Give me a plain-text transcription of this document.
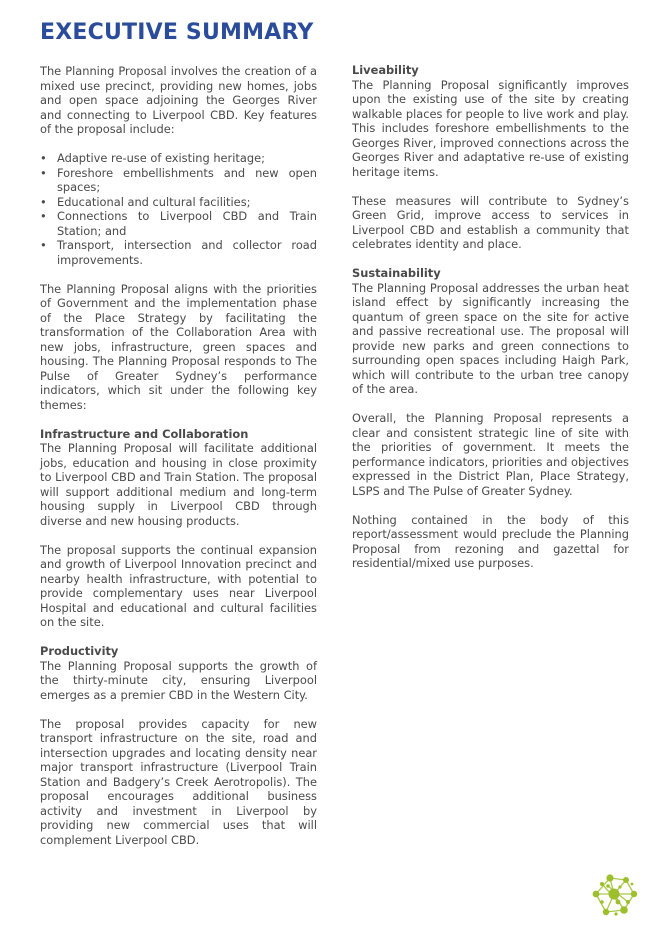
EXECUTIVE SUMMARY

The Planning Proposal involves the creation of a mixed use precinct, providing new homes, jobs and open space adjoining the Georges River and connecting to Liverpool CBD. Key features of the proposal include:

• Adaptive re-use of existing heritage;
• Foreshore embellishments and new open spaces;
• Educational and cultural facilities;
• Connections to Liverpool CBD and Train Station; and
• Transport, intersection and collector road improvements.

The Planning Proposal aligns with the priorities of Government and the implementation phase of the Place Strategy by facilitating the transformation of the Collaboration Area with new jobs, infrastructure, green spaces and housing. The Planning Proposal responds to The Pulse of Greater Sydney’s performance indicators, which sit under the following key themes:

Infrastructure and Collaboration

The Planning Proposal will facilitate additional jobs, education and housing in close proximity to Liverpool CBD and Train Station. The proposal will support additional medium and long-term housing supply in Liverpool CBD through diverse and new housing products.

The proposal supports the continual expansion and growth of Liverpool Innovation precinct and nearby health infrastructure, with potential to provide complementary uses near Liverpool Hospital and educational and cultural facilities on the site.

Productivity

The Planning Proposal supports the growth of the thirty-minute city, ensuring Liverpool emerges as a premier CBD in the Western City.

The proposal provides capacity for new transport infrastructure on the site, road and intersection upgrades and locating density near major transport infrastructure (Liverpool Train Station and Badgery’s Creek Aerotropolis). The proposal encourages additional business activity and investment in Liverpool by providing new commercial uses that will complement Liverpool CBD.

Liveability

The Planning Proposal significantly improves upon the existing use of the site by creating walkable places for people to live work and play. This includes foreshore embellishments to the Georges River, improved connections across the Georges River and adaptative re-use of existing heritage items.

These measures will contribute to Sydney’s Green Grid, improve access to services in Liverpool CBD and establish a community that celebrates identity and place.

Sustainability

The Planning Proposal addresses the urban heat island effect by significantly increasing the quantum of green space on the site for active and passive recreational use. The proposal will provide new parks and green connections to surrounding open spaces including Haigh Park, which will contribute to the urban tree canopy of the area.

Overall, the Planning Proposal represents a clear and consistent strategic line of site with the priorities of government. It meets the performance indicators, priorities and objectives expressed in the District Plan, Place Strategy, LSPS and The Pulse of Greater Sydney.

Nothing contained in the body of this report/assessment would preclude the Planning Proposal from rezoning and gazettal for residential/mixed use purposes.
